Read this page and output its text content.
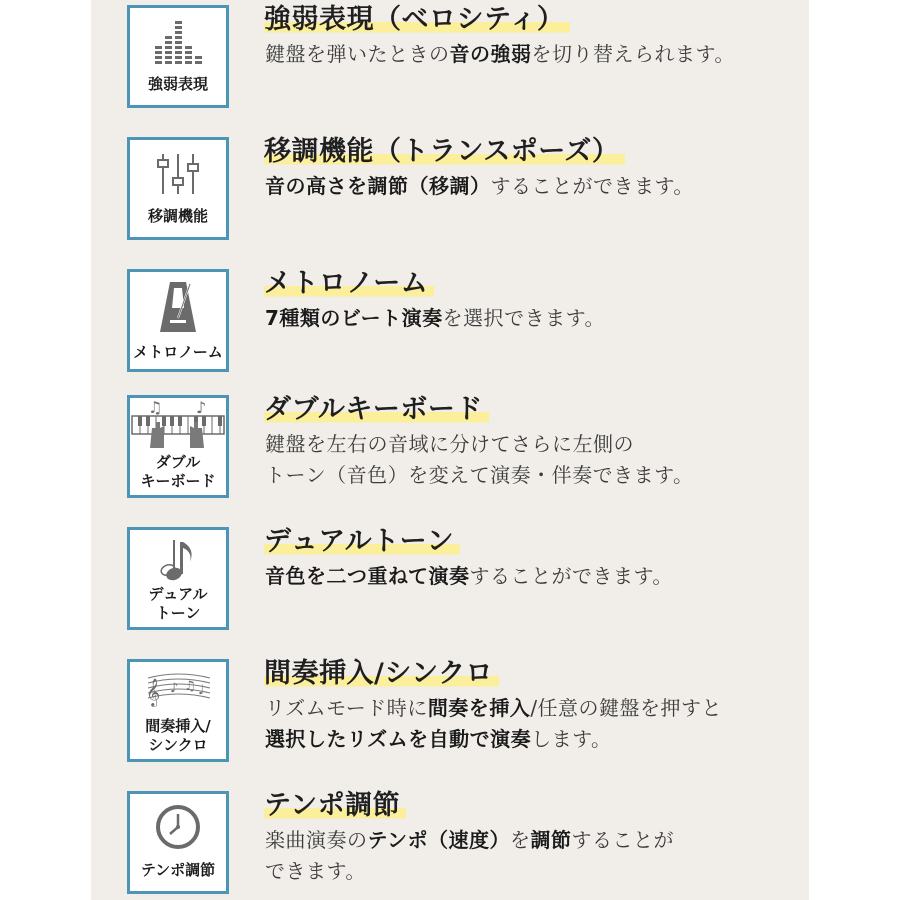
強弱表現
強弱表現（ベロシティ）
鍵盤を弾いたときの音の強弱を切り替えられます。
移調機能
移調機能（トランスポーズ）
音の高さを調節（移調）することができます。
メトロノーム
メトロノーム
7種類のビート演奏を選択できます。
♫ ♪
ダブル
キーボード
ダブルキーボード
鍵盤を左右の音域に分けてさらに左側の
トーン（音色）を変えて演奏・伴奏できます。
デュアル
トーン
デュアルトーン
音色を二つ重ねて演奏することができます。
𝄞 ♪ ♫ ♩
間奏挿入/
シンクロ
間奏挿入/シンクロ
リズムモード時に間奏を挿入/任意の鍵盤を押すと
選択したリズムを自動で演奏します。
テンポ調節
テンポ調節
楽曲演奏のテンポ（速度）を調節することが
できます。
